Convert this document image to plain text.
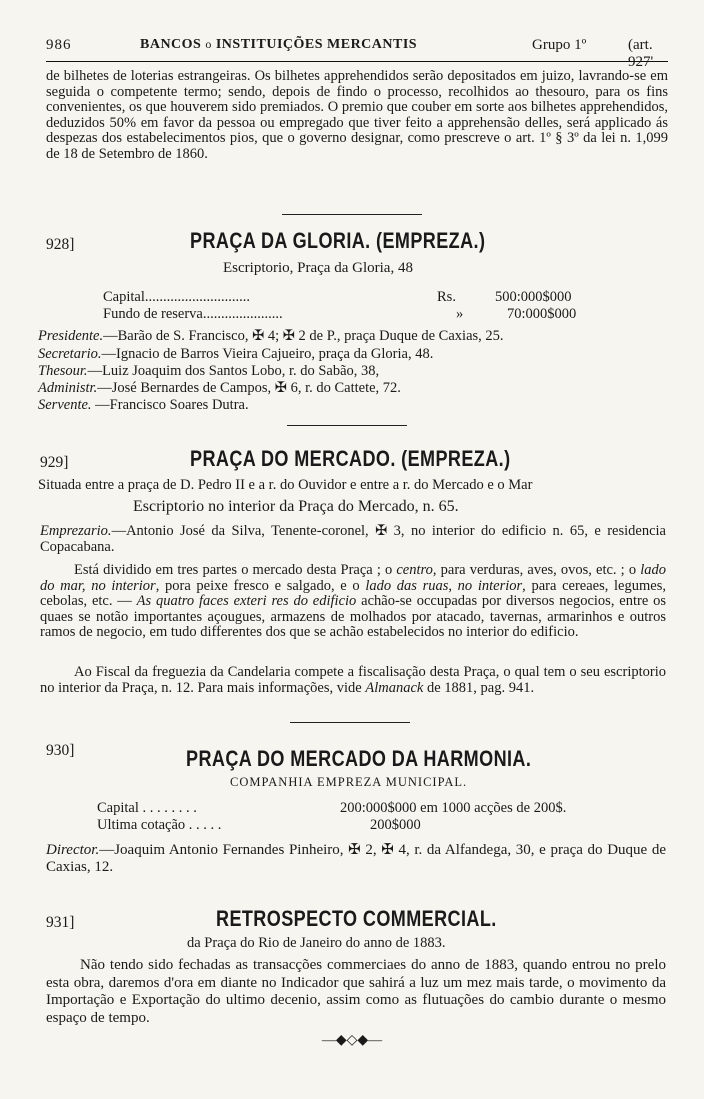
986	BANCOS o INSTITUIÇÕES MERCANTIS	Grupo 1º	(art. 927'
de bilhetes de loterias estrangeiras. Os bilhetes apprehendidos serão depositados em juizo, lavrando-se em seguida o competente termo; sendo, depois de findo o processo, recolhidos ao thesouro, para os fins convenientes, os que houverem sido premiados. O premio que couber em sorte aos bilhetes apprehendidos, deduzidos 50% em favor da pessoa ou empregado que tiver feito a apprehensão delles, será applicado ás despezas dos estabelecimentos pios, que o governo designar, como prescreve o art. 1º § 3º da lei n. 1,099 de 18 de Setembro de 1860.
928]	PRAÇA DA GLORIA. (EMPREZA.)
Escriptorio, Praça da Gloria, 48
Capital.............................	Rs.	500:000$000
Fundo de reserva......................	»	70:000$000
Presidente.—Barão de S. Francisco, ✠ 4; ✠ 2 de P., praça Duque de Caxias, 25.
Secretario.—Ignacio de Barros Vieira Cajueiro, praça da Gloria, 48.
Thesour.—Luiz Joaquim dos Santos Lobo, r. do Sabão, 38,
Administr.—José Bernardes de Campos, ✠ 6, r. do Cattete, 72.
Servente. —Francisco Soares Dutra.
929]	PRAÇA DO MERCADO. (EMPREZA.)
Situada entre a praça de D. Pedro II e a r. do Ouvidor e entre a r. do Mercado e o Mar
Escriptorio no interior da Praça do Mercado, n. 65.
Emprezario.—Antonio José da Silva, Tenente-coronel, ✠ 3, no interior do edificio n. 65, e residencia Copacabana.
Está dividido em tres partes o mercado desta Praça ; o centro, para verduras, aves, ovos, etc. ; o lado do mar, no interior, pora peixe fresco e salgado, e o lado das ruas, no interior, para cereaes, legumes, cebolas, etc. — As quatro faces exteri res do edificio achão-se occupadas por diversos negocios, entre os quaes se notão importantes açougues, armazens de molhados por atacado, tavernas, armarinhos e outros ramos de negocio, em tudo differentes dos que se achão estabelecidos no interior do edificio.
Ao Fiscal da freguezia da Candelaria compete a fiscalisação desta Praça, o qual tem o seu escriptorio no interior da Praça, n. 12. Para mais informações, vide Almanack de 1881, pag. 941.
930]	PRAÇA DO MERCADO DA HARMONIA.
COMPANHIA EMPREZA MUNICIPAL.
Capital . . . . . . . .	200:000$000 em 1000 acções de 200$.
Ultima cotação . . . . .	200$000
Director.—Joaquim Antonio Fernandes Pinheiro, ✠ 2, ✠ 4, r. da Alfandega, 30, e praça do Duque de Caxias, 12.
931]	RETROSPECTO COMMERCIAL.
da Praça do Rio de Janeiro do anno de 1883.
Não tendo sido fechadas as transacções commerciaes do anno de 1883, quando entrou no prelo esta obra, daremos d'ora em diante no Indicador que sahirá a luz um mez mais tarde, o movimento da Importação e Exportação do ultimo decenio, assim como as flutuações do cambio durante o mesmo espaço de tempo.
—◆◇◆—
